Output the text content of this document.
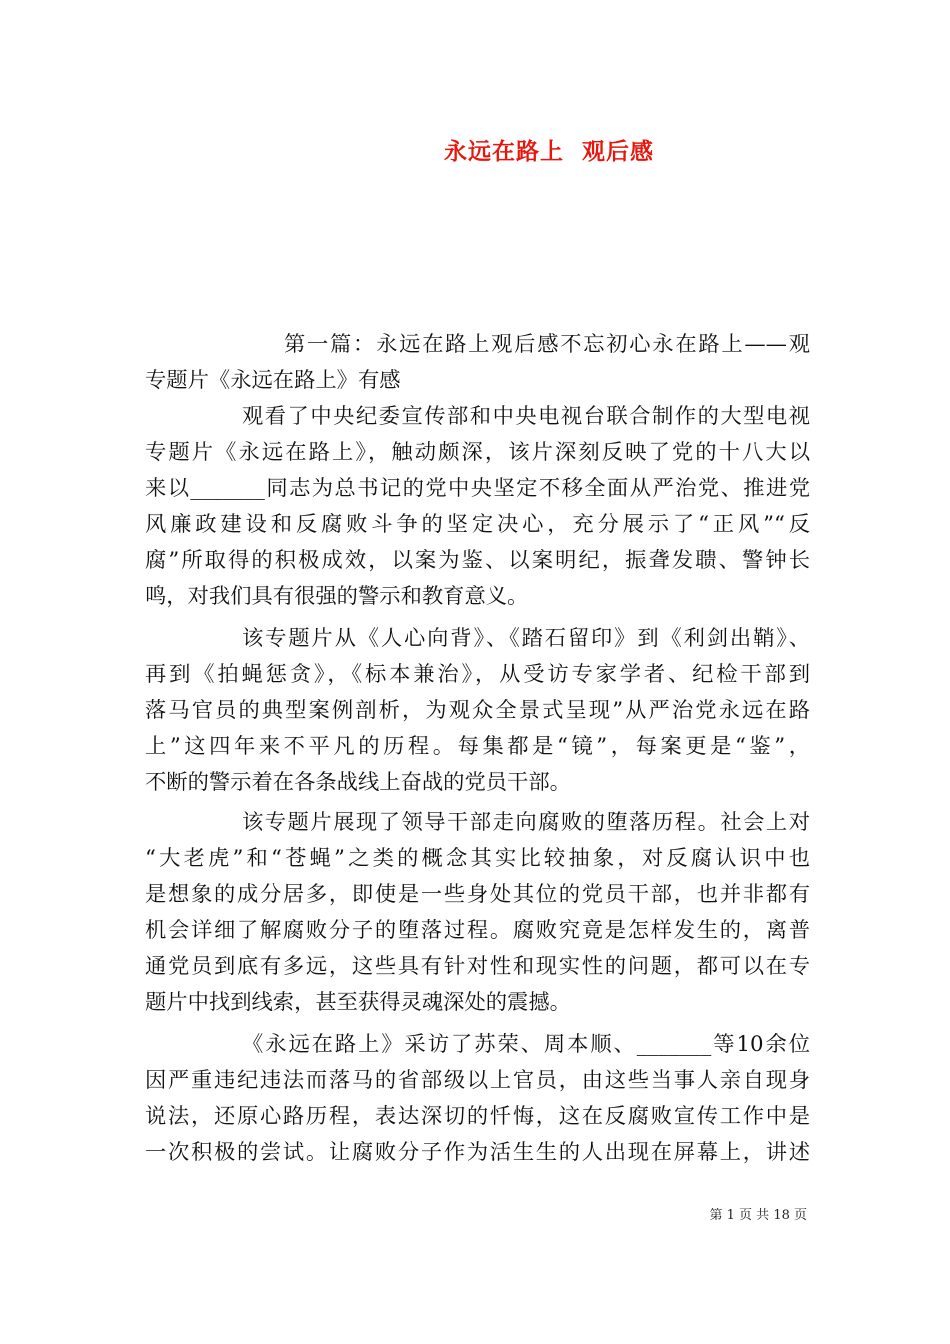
永远在路上 观后感
第一篇：永远在路上观后感不忘初心永在路上——观
专题片《永远在路上》有感
观看了中央纪委宣传部和中央电视台联合制作的大型电视
专题片《永远在路上》，触动颇深，该片深刻反映了党的十八大以
来以_______同志为总书记的党中央坚定不移全面从严治党、推进党
风廉政建设和反腐败斗争的坚定决心，充分展示了“正风”“反
腐”所取得的积极成效，以案为鉴、以案明纪，振聋发聩、警钟长
鸣，对我们具有很强的警示和教育意义。
该专题片从《人心向背》、《踏石留印》到《利剑出鞘》、
再到《拍蝇惩贪》，《标本兼治》，从受访专家学者、纪检干部到
落马官员的典型案例剖析，为观众全景式呈现”从严治党永远在路
上”这四年来不平凡的历程。每集都是“镜”，每案更是“鉴”，
不断的警示着在各条战线上奋战的党员干部。
该专题片展现了领导干部走向腐败的堕落历程。社会上对
“大老虎”和“苍蝇”之类的概念其实比较抽象，对反腐认识中也
是想象的成分居多，即使是一些身处其位的党员干部，也并非都有
机会详细了解腐败分子的堕落过程。腐败究竟是怎样发生的，离普
通党员到底有多远，这些具有针对性和现实性的问题，都可以在专
题片中找到线索，甚至获得灵魂深处的震撼。
《永远在路上》采访了苏荣、周本顺、_______等10余位
因严重违纪违法而落马的省部级以上官员，由这些当事人亲自现身
说法，还原心路历程，表达深切的忏悔，这在反腐败宣传工作中是
一次积极的尝试。让腐败分子作为活生生的人出现在屏幕上，讲述
第 1 页 共 18 页
